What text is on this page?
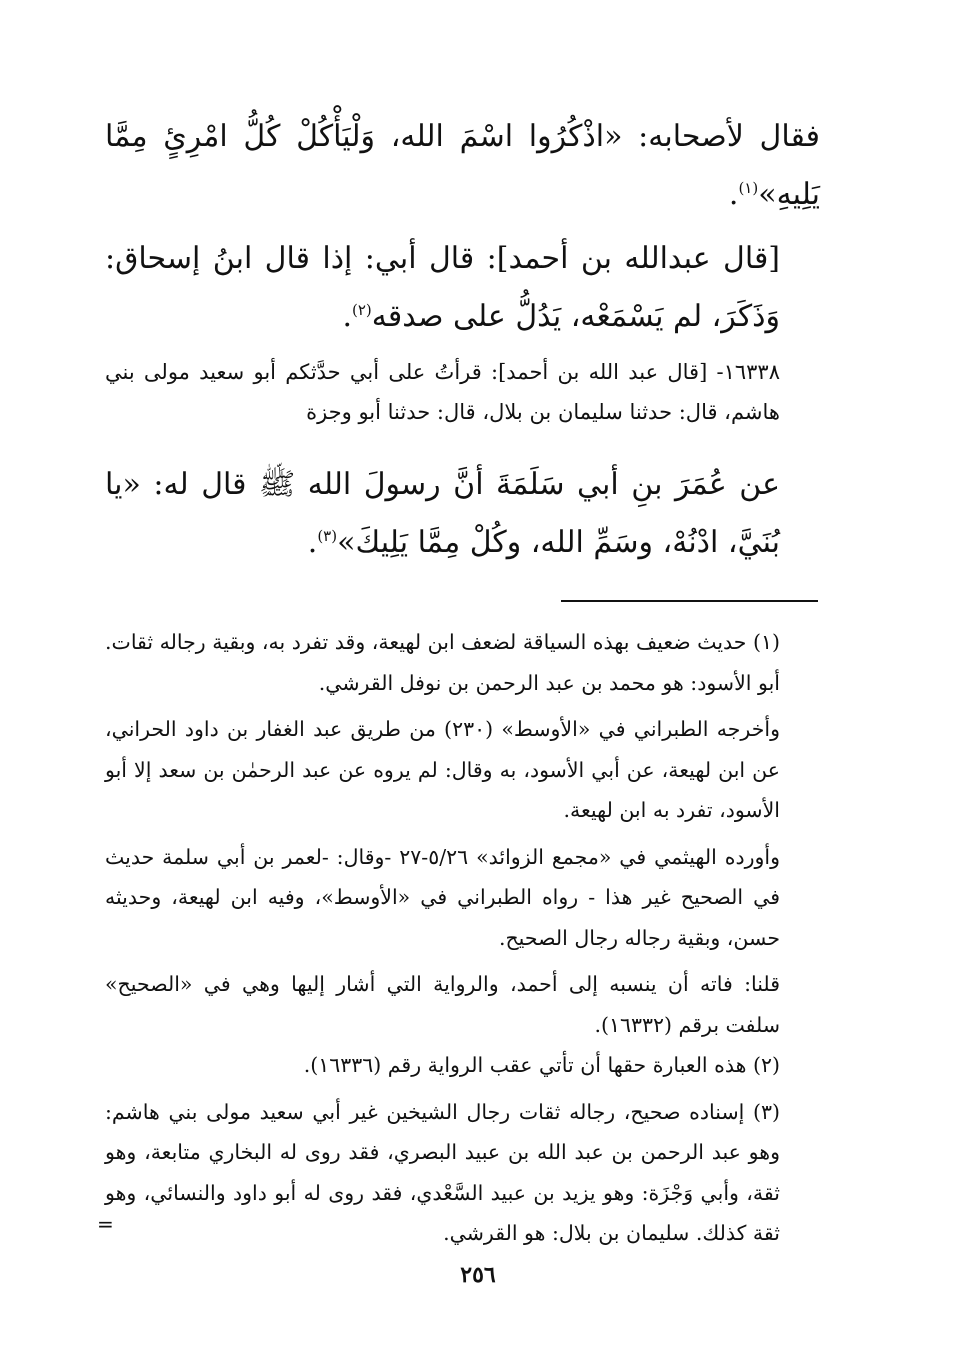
فقال لأصحابه: «اذْكُرُوا اسْمَ الله، وَلْيَأْكُلْ كُلُّ امْرِئٍ مِمَّا يَلِيهِ»$^{(١)}$.

[قال عبدالله بن أحمد]: قال أبي: إذا قال ابنُ إسحاق: وَذَكَرَ، لم يَسْمَعْه، يَدُلُّ على صدقه$^{(٢)}$.

١٦٣٣٨- [قال عبد الله بن أحمد]: قرأتُ على أبي حدَّثكم أبو سعيد مولى بني هاشم، قال: حدثنا سليمان بن بلال، قال: حدثنا أبو وجزة

عن عُمَرَ بنِ أبي سَلَمَةَ أنَّ رسولَ الله ﷺ قال له: «يا بُنَيَّ، ادْنُهْ، وسَمِّ الله، وكُلْ مِمَّا يَلِيكَ»$^{(٣)}$.

(١) حديث ضعيف بهذه السياقة لضعف ابن لهيعة، وقد تفرد به، وبقية رجاله ثقات. أبو الأسود: هو محمد بن عبد الرحمن بن نوفل القرشي.

وأخرجه الطبراني في «الأوسط» (٢٣٠) من طريق عبد الغفار بن داود الحراني، عن ابن لهيعة، عن أبي الأسود، به وقال: لم يروه عن عبد الرحمٰن بن سعد إلا أبو الأسود، تفرد به ابن لهيعة.

وأورده الهيثمي في «مجمع الزوائد» ٥/٢٦-٢٧ -وقال: -لعمر بن أبي سلمة حديث في الصحيح غير هذا - رواه الطبراني في «الأوسط»، وفيه ابن لهيعة، وحديثه حسن، وبقية رجاله رجال الصحيح.

قلنا: فاته أن ينسبه إلى أحمد، والرواية التي أشار إليها وهي في «الصحيح» سلفت برقم (١٦٣٣٢).

(٢) هذه العبارة حقها أن تأتي عقب الرواية رقم (١٦٣٣٦).

(٣) إسناده صحيح، رجاله ثقات رجال الشيخين غير أبي سعيد مولى بني هاشم: وهو عبد الرحمن بن عبد الله بن عبيد البصري، فقد روى له البخاري متابعة، وهو ثقة، وأبي وَجْزَة: وهو يزيد بن عبيد السَّعْدي، فقد روى له أبو داود والنسائي، وهو ثقة كذلك. سليمان بن بلال: هو القرشي.

=
٢٥٦
